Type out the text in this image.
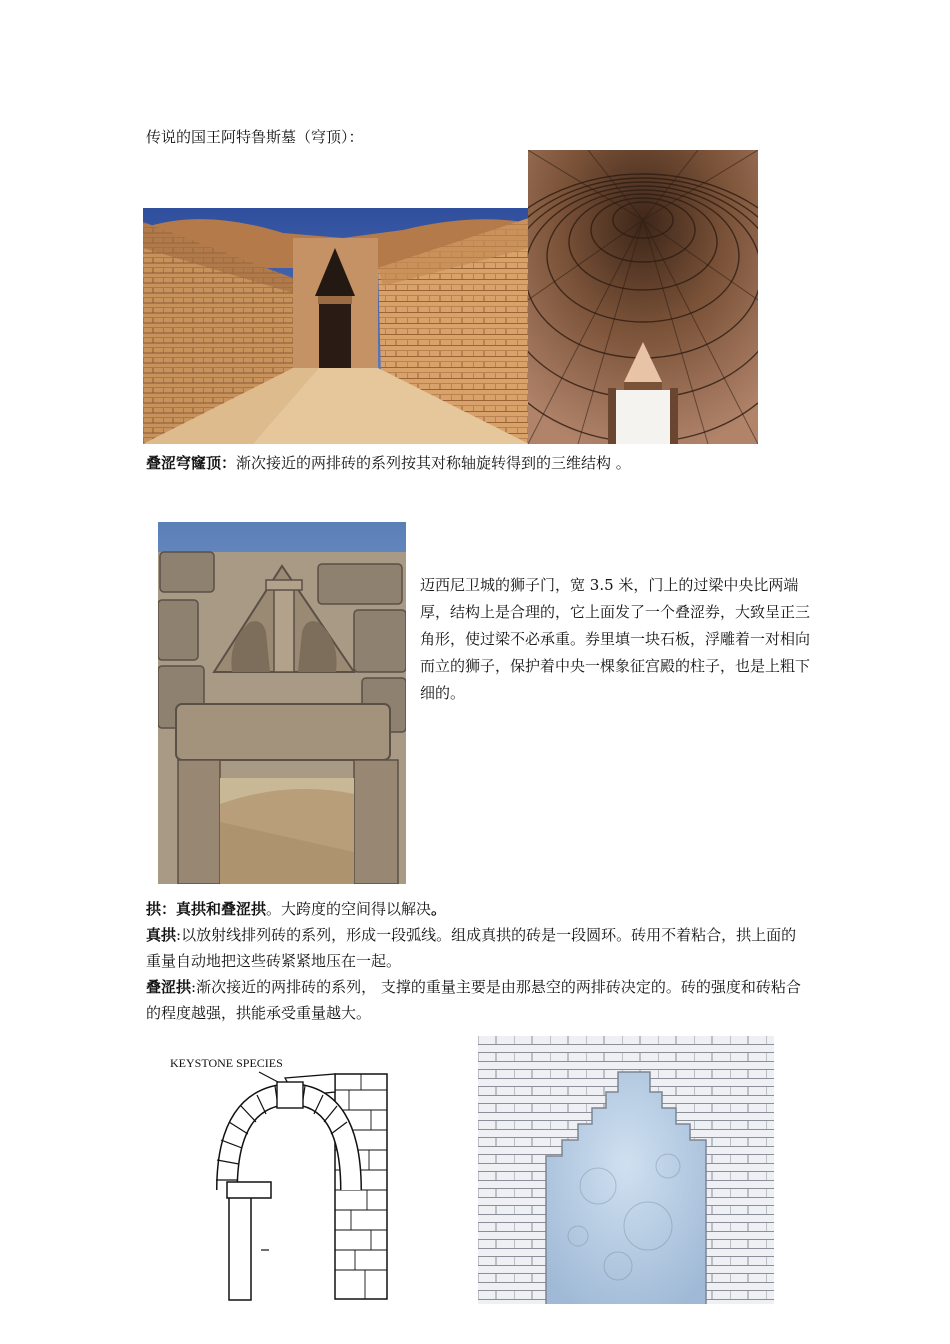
传说的国王阿特鲁斯墓（穹顶）：
叠涩穹窿顶：渐次接近的两排砖的系列按其对称轴旋转得到的三维结构 。
迈西尼卫城的狮子门，宽 3.5 米，门上的过梁中央比两端厚，结构上是合理的，它上面发了一个叠涩券，大致呈正三角形，使过梁不必承重。券里填一块石板，浮雕着一对相向而立的狮子，保护着中央一棵象征宫殿的柱子，也是上粗下细的。
拱：真拱和叠涩拱。大跨度的空间得以解决。
真拱:以放射线排列砖的系列，形成一段弧线。组成真拱的砖是一段圆环。砖用不着粘合，拱上面的重量自动地把这些砖紧紧地压在一起。
叠涩拱:渐次接近的两排砖的系列， 支撑的重量主要是由那悬空的两排砖决定的。砖的强度和砖粘合的程度越强，拱能承受重量越大。
KEYSTONE SPECIES
